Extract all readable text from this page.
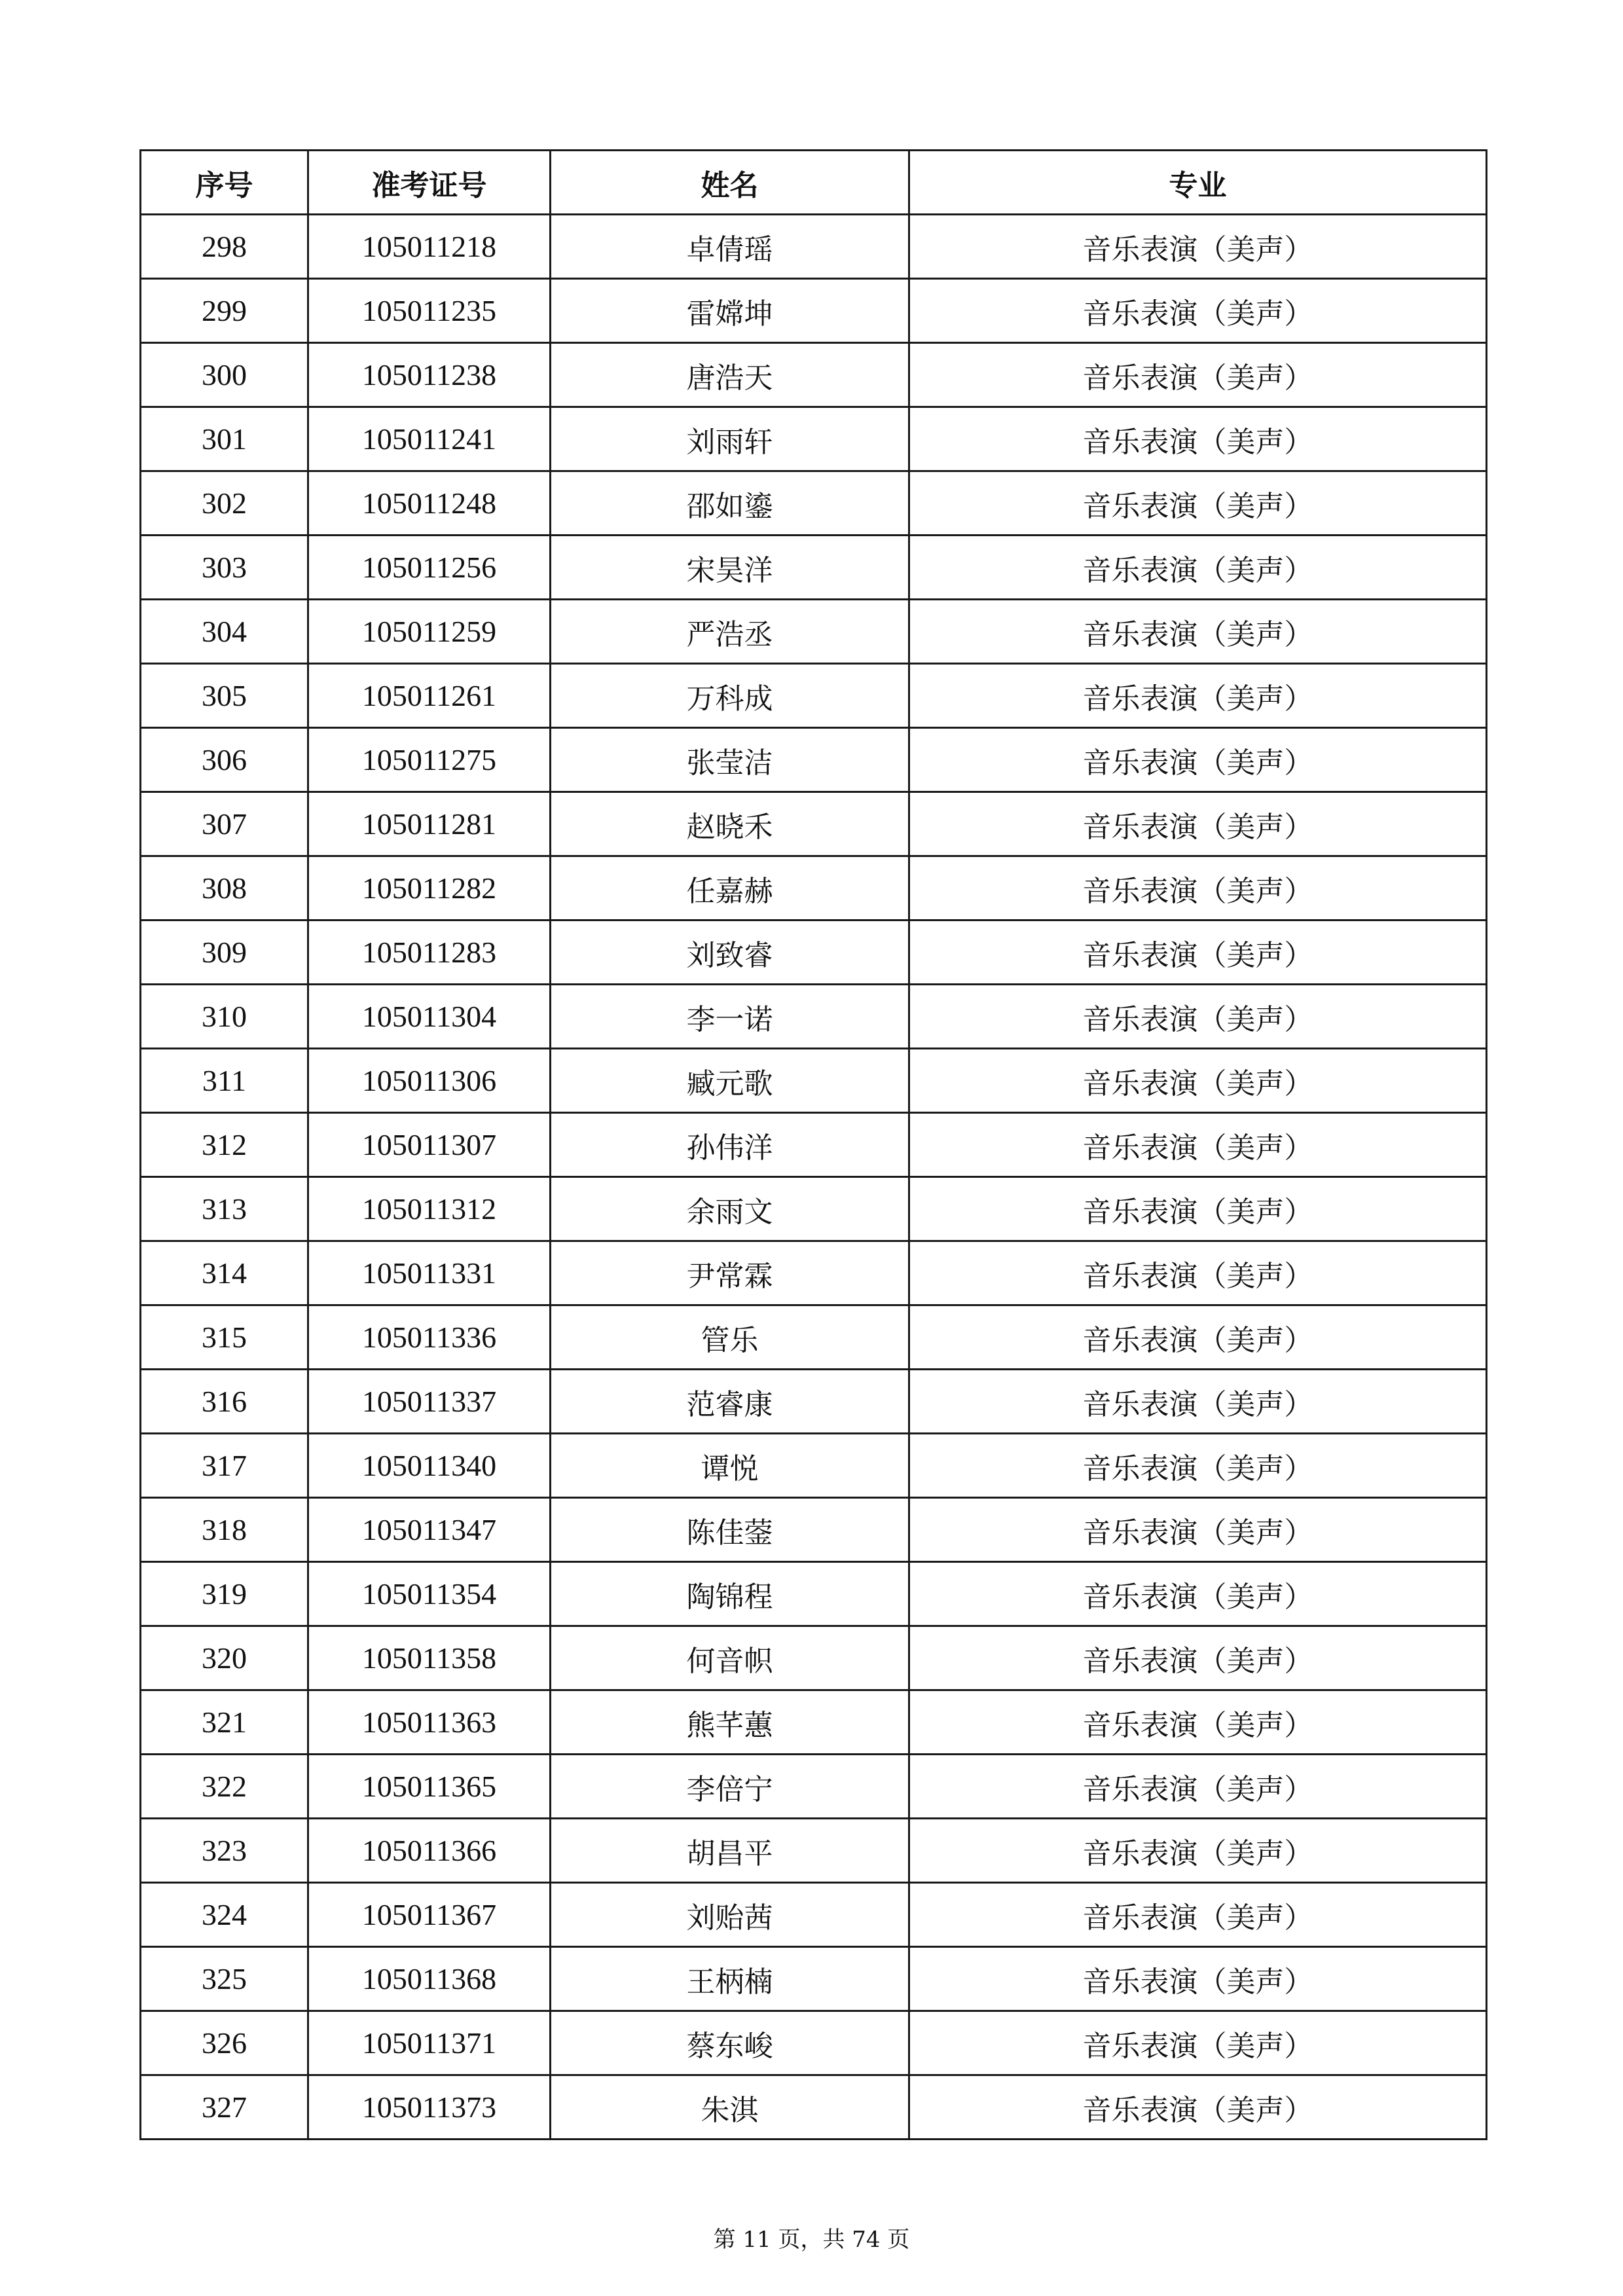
序号	准考证号	姓名	专业
298	105011218	卓倩瑶	音乐表演（美声）
299	105011235	雷嫦坤	音乐表演（美声）
300	105011238	唐浩天	音乐表演（美声）
301	105011241	刘雨轩	音乐表演（美声）
302	105011248	邵如鎏	音乐表演（美声）
303	105011256	宋昊洋	音乐表演（美声）
304	105011259	严浩丞	音乐表演（美声）
305	105011261	万科成	音乐表演（美声）
306	105011275	张莹洁	音乐表演（美声）
307	105011281	赵晓禾	音乐表演（美声）
308	105011282	任嘉赫	音乐表演（美声）
309	105011283	刘致睿	音乐表演（美声）
310	105011304	李一诺	音乐表演（美声）
311	105011306	臧元歌	音乐表演（美声）
312	105011307	孙伟洋	音乐表演（美声）
313	105011312	余雨文	音乐表演（美声）
314	105011331	尹常霖	音乐表演（美声）
315	105011336	管乐	音乐表演（美声）
316	105011337	范睿康	音乐表演（美声）
317	105011340	谭悦	音乐表演（美声）
318	105011347	陈佳蓥	音乐表演（美声）
319	105011354	陶锦程	音乐表演（美声）
320	105011358	何音帜	音乐表演（美声）
321	105011363	熊芊蕙	音乐表演（美声）
322	105011365	李倍宁	音乐表演（美声）
323	105011366	胡昌平	音乐表演（美声）
324	105011367	刘贻茜	音乐表演（美声）
325	105011368	王柄楠	音乐表演（美声）
326	105011371	蔡东峻	音乐表演（美声）
327	105011373	朱淇	音乐表演（美声）
第 11 页，共 74 页
